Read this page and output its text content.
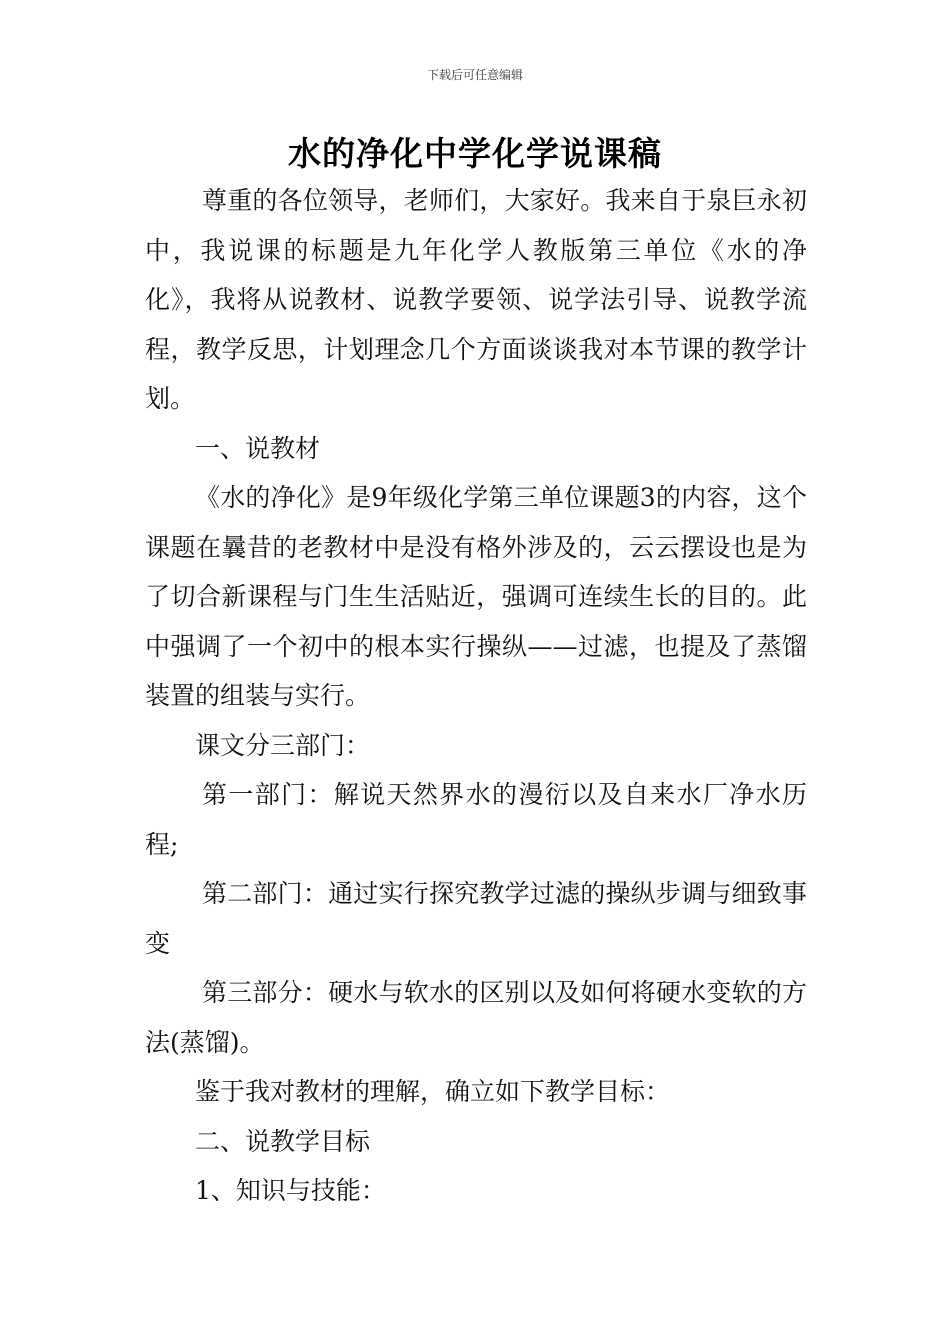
下载后可任意编辑
水的净化中学化学说课稿

尊重的各位领导，老师们，大家好。我来自于泉巨永初中，我说课的标题是九年化学人教版第三单位《水的净化》，我将从说教材、说教学要领、说学法引导、说教学流程，教学反思，计划理念几个方面谈谈我对本节课的教学计划。

一、说教材

《水的净化》是9年级化学第三单位课题3的内容，这个课题在曩昔的老教材中是没有格外涉及的，云云摆设也是为了切合新课程与门生生活贴近，强调可连续生长的目的。此中强调了一个初中的根本实行操纵——过滤，也提及了蒸馏装置的组装与实行。

课文分三部门：

第一部门：解说天然界水的漫衍以及自来水厂净水历程;

第二部门：通过实行探究教学过滤的操纵步调与细致事变

第三部分：硬水与软水的区别以及如何将硬水变软的方法(蒸馏)。

鉴于我对教材的理解，确立如下教学目标：

二、说教学目标

1、知识与技能：
